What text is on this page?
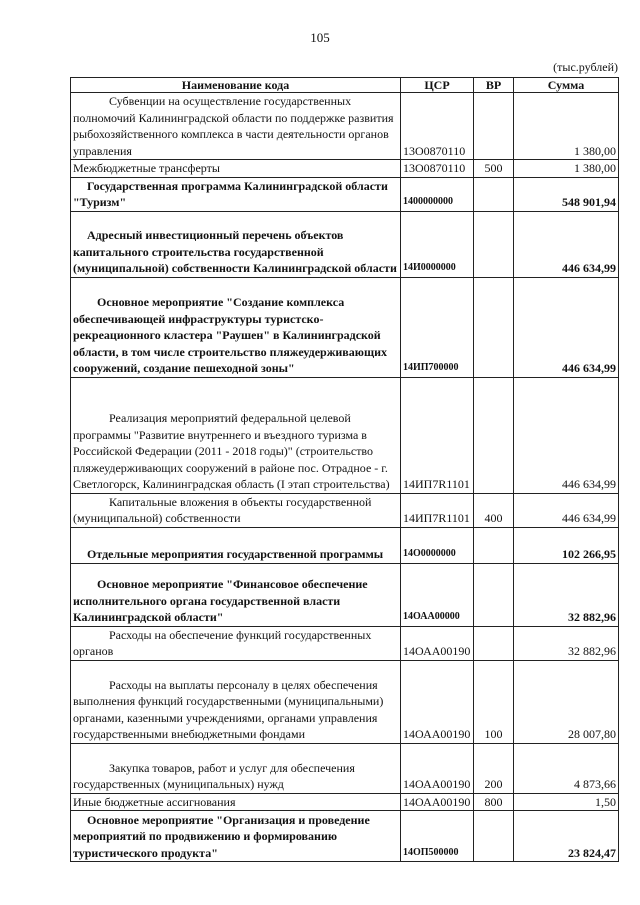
105
(тыс.рублей)
Наименование кода	ЦСР	ВР	Сумма
Субвенции на осуществление государственных полномочий Калининградской области по поддержке развития рыбохозяйственного комплекса в части деятельности органов управления	13О0870110		1 380,00
Межбюджетные трансферты	13О0870110	500	1 380,00
Государственная программа Калининградской области "Туризм"	1400000000		548 901,94
Адресный инвестиционный перечень объектов капитального строительства государственной (муниципальной) собственности Калининградской области	14И0000000		446 634,99
Основное мероприятие "Создание комплекса обеспечивающей инфраструктуры туристско-рекреационного кластера "Раушен" в Калининградской области, в том числе строительство пляжеудерживающих сооружений, создание пешеходной зоны"	14ИП700000		446 634,99
Реализация мероприятий федеральной целевой программы "Развитие внутреннего и въездного туризма в Российской Федерации (2011 - 2018 годы)" (строительство пляжеудерживающих сооружений в районе пос. Отрадное - г. Светлогорск, Калининградская область (I этап строительства)	14ИП7R1101		446 634,99
Капитальные вложения в объекты государственной (муниципальной) собственности	14ИП7R1101	400	446 634,99
Отдельные мероприятия государственной программы	14О0000000		102 266,95
Основное мероприятие "Финансовое обеспечение исполнительного органа государственной власти Калининградской области"	14ОАА00000		32 882,96
Расходы на обеспечение функций государственных органов	14ОАА00190		32 882,96
Расходы на выплаты персоналу в целях обеспечения выполнения функций государственными (муниципальными) органами, казенными учреждениями, органами управления государственными внебюджетными фондами	14ОАА00190	100	28 007,80
Закупка товаров, работ и услуг для обеспечения государственных (муниципальных) нужд	14ОАА00190	200	4 873,66
Иные бюджетные ассигнования	14ОАА00190	800	1,50
Основное мероприятие "Организация и проведение мероприятий по продвижению и формированию туристического продукта"	14ОП500000		23 824,47
